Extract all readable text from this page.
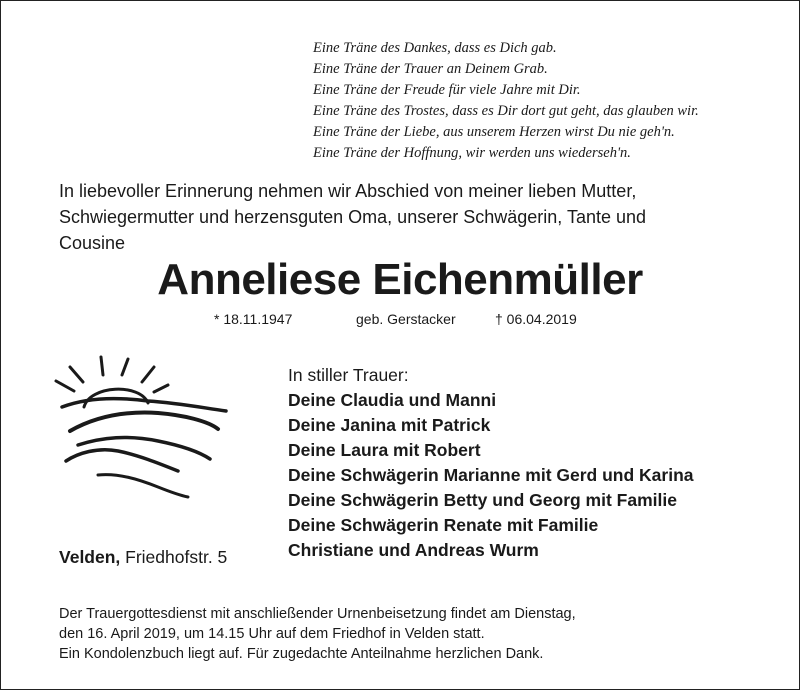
Eine Träne des Dankes, dass es Dich gab.
Eine Träne der Trauer an Deinem Grab.
Eine Träne der Freude für viele Jahre mit Dir.
Eine Träne des Trostes, dass es Dir dort gut geht, das glauben wir.
Eine Träne der Liebe, aus unserem Herzen wirst Du nie geh'n.
Eine Träne der Hoffnung, wir werden uns wiederseh'n.
In liebevoller Erinnerung nehmen wir Abschied von meiner lieben Mutter,
Schwiegermutter und herzensguten Oma, unserer Schwägerin, Tante und
Cousine
Anneliese Eichenmüller
* 18.11.1947	geb. Gerstacker	† 06.04.2019
In stiller Trauer:
Deine Claudia und Manni
Deine Janina mit Patrick
Deine Laura mit Robert
Deine Schwägerin Marianne mit Gerd und Karina
Deine Schwägerin Betty und Georg mit Familie
Deine Schwägerin Renate mit Familie
Christiane und Andreas Wurm
Velden, Friedhofstr. 5
Der Trauergottesdienst mit anschließender Urnenbeisetzung findet am Dienstag,
den 16. April 2019, um 14.15 Uhr auf dem Friedhof in Velden statt.
Ein Kondolenzbuch liegt auf. Für zugedachte Anteilnahme herzlichen Dank.
